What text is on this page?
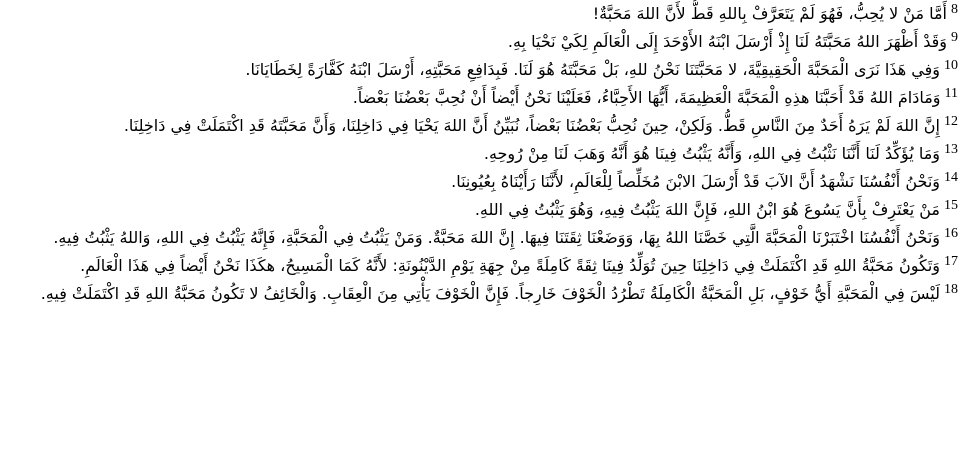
$^8$أَمَّا مَنْ لا يُحِبُّ، فَهُوَ لَمْ يَتَعَرَّفْ بِاللهِ قَطُّ لأَنَّ اللهَ مَحَبَّةٌ!

$^9$وَقَدْ أَظْهَرَ اللهُ مَحَبَّتَهُ لَنَا إِذْ أَرْسَلَ ابْنَهُ الأَوْحَدَ إِلَى الْعَالَمِ لِكَيْ نَحْيَا بِهِ.

$^{10}$وَفِي هَذَا نَرَى الْمَحَبَّةَ الْحَقِيقِيَّةَ، لا مَحَبَّتَنَا نَحْنُ للهِ، بَلْ مَحَبَّتَهُ هُوَ لَنَا. فَبِدَافِعِ مَحَبَّتِهِ، أَرْسَلَ ابْنَهُ كَفَّارَةً لِخَطَايَانَا.

$^{11}$وَمَادَامَ اللهُ قَدْ أَحَبَّنَا هذِهِ الْمَحَبَّةَ الْعَظِيمَةَ، أَيُّهَا الأَحِبَّاءُ، فَعَلَيْنَا نَحْنُ أَيْضاً أَنْ نُحِبَّ بَعْضُنَا بَعْضاً.

$^{12}$إِنَّ اللهَ لَمْ يَرَهُ أَحَدٌ مِنَ النَّاسِ قَطُّ. وَلَكِنْ، حِينَ نُحِبُّ بَعْضُنَا بَعْضاً، نُبَيِّنُ أَنَّ اللهَ يَحْيَا فِي دَاخِلِنَا، وَأَنَّ مَحَبَّتَهُ قَدِ اكْتَمَلَتْ فِي دَاخِلِنَا.

$^{13}$وَمَا يُؤَكِّدُ لَنَا أَنَّنَا نَثْبُتُ فِي اللهِ، وَأَنَّهُ يَثْبُتُ فِينَا هُوَ أَنَّهُ وَهَبَ لَنَا مِنْ رُوحِهِ.

$^{14}$وَنَحْنُ أَنْفُسُنَا نَشْهَدُ أَنَّ الآبَ قَدْ أَرْسَلَ الابْنَ مُخَلِّصاً لِلْعَالَمِ، لأَنَّنَا رَأَيْنَاهُ بِعُيُونِنَا.

$^{15}$مَنْ يَعْتَرِفْ بِأَنَّ يَسُوعَ هُوَ ابْنُ اللهِ، فَإِنَّ اللهَ يَثْبُتُ فِيهِ، وَهُوَ يَثْبُتُ فِي اللهِ.

$^{16}$وَنَحْنُ أَنْفُسُنَا اخْتَبَرْنَا الْمَحَبَّةَ الَّتِي خَصَّنَا اللهُ بِهَا، وَوَضَعْنَا ثِقَتَنَا فِيهَا. إِنَّ اللهَ مَحَبَّةٌ. وَمَنْ يَثْبُتُ فِي الْمَحَبَّةِ، فَإِنَّهُ يَثْبُتُ فِي اللهِ، وَاللهُ يَثْبُتُ فِيهِ.

$^{17}$وَتَكُونُ مَحَبَّةُ اللهِ قَدِ اكْتَمَلَتْ فِي دَاخِلِنَا حِينَ تُوَلِّدُ فِينَا ثِقَةً كَامِلَةً مِنْ جِهَةِ يَوْمِ الدَّيْنُونَةِ: لأَنَّهُ كَمَا الْمَسِيحُ، هكَذَا نَحْنُ أَيْضاً فِي هَذَا الْعَالَمِ.

$^{18}$لَيْسَ فِي الْمَحَبَّةِ أَيُّ خَوْفٍ، بَلِ الْمَحَبَّةُ الْكَامِلَةُ تَطْرُدُ الْخَوْفَ خَارِجاً. فَإِنَّ الْخَوْفَ يَأْتِي مِنَ الْعِقَابِ. وَالْخَائِفُ لا تَكُونُ مَحَبَّةُ اللهِ قَدِ اكْتَمَلَتْ فِيهِ.
